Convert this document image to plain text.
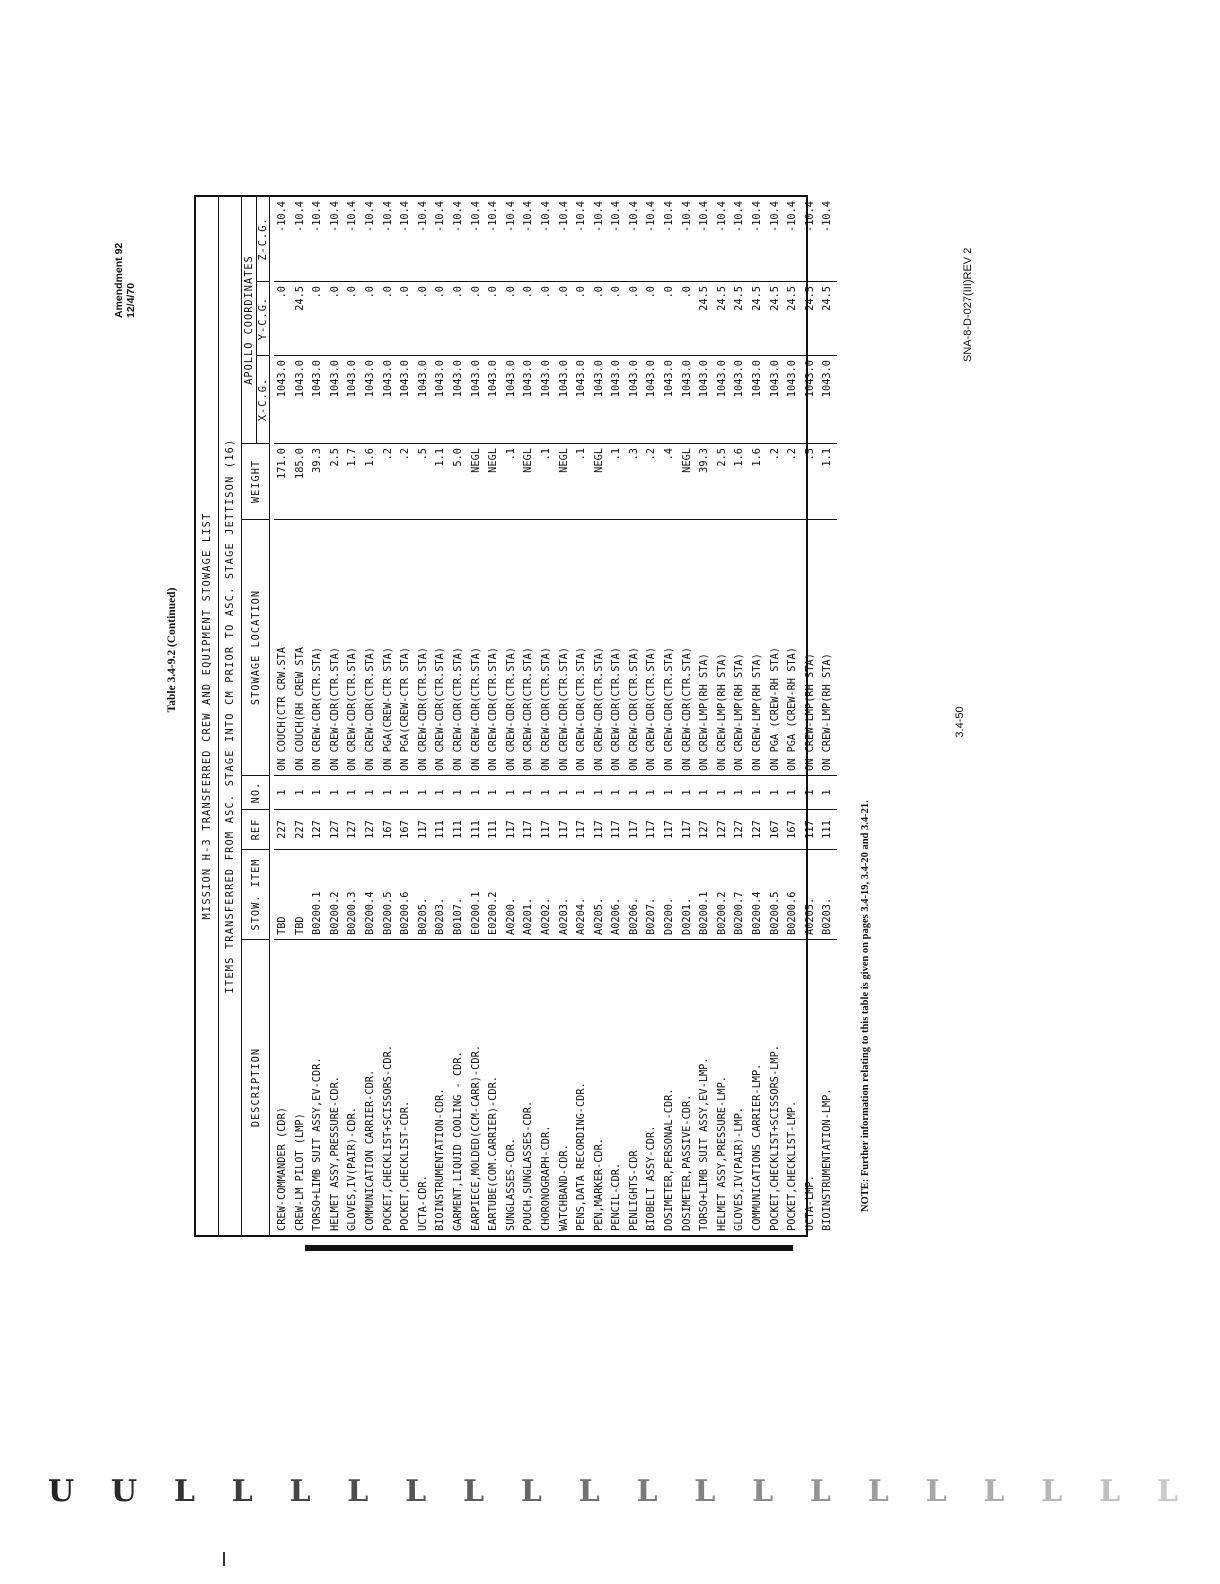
Amendment 92 12/4/70
Table 3.4-9.2 (Continued)	MISSION H-3 TRANSFERRED CREW AND EQUIPMENT STOWAGE LIST	ITEMS TRANSFERRED FROM ASC. STAGE INTO CM PRIOR TO ASC. STAGE JETTISON (16)
DESCRIPTION
STOW. ITEM
REF
NO.
STOWAGE LOCATION
WEIGHT
APOLLO COORDINATES
X-C.G.
Y-C.G.
Z-C.G.
CREW-COMMANDER (CDR)
TBD
227
1
ON COUCH(CTR CRW.STA
171.0
1043.0
.0
-10.4
CREW-LM PILOT (LMP)
TBD
227
1
ON COUCH(RH CREW STA
185.0
1043.0
24.5
-10.4
TORSO+LIMB SUIT ASSY,EV-CDR.
B0200.1
127
1
ON CREW-CDR(CTR.STA)
39.3
1043.0
.0
-10.4
HELMET ASSY,PRESSURE-CDR.
B0200.2
127
1
ON CREW-CDR(CTR.STA)
2.5
1043.0
.0
-10.4
GLOVES,IV(PAIR)-CDR.
B0200.3
127
1
ON CREW-CDR(CTR.STA)
1.7
1043.0
.0
-10.4
COMMUNICATION CARRIER-CDR.
B0200.4
127
1
ON CREW-CDR(CTR.STA)
1.6
1043.0
.0
-10.4
POCKET,CHECKLIST+SCISSORS-CDR.
B0200.5
167
1
ON PGA(CREW-CTR STA)
.2
1043.0
.0
-10.4
POCKET,CHECKLIST-CDR.
B0200.6
167
1
ON PGA(CREW-CTR STA)
.2
1043.0
.0
-10.4
UCTA-CDR.
B0205.
117
1
ON CREW-CDR(CTR.STA)
.5
1043.0
.0
-10.4
BIOINSTRUMENTATION-CDR.
B0203.
111
1
ON CREW-CDR(CTR.STA)
1.1
1043.0
.0
-10.4
GARMENT,LIQUID COOLING - CDR.
B0107.
111
1
ON CREW-CDR(CTR.STA)
5.0
1043.0
.0
-10.4
EARPIECE,MOLDED(CCM-CARR)-CDR.
E0200.1
111
1
ON CREW-CDR(CTR.STA)
NEGL
1043.0
.0
-10.4
EARTUBE(COM.CARRIER)-CDR.
E0200.2
111
1
ON CREW-CDR(CTR.STA)
NEGL
1043.0
.0
-10.4
SUNGLASSES-CDR.
A0200.
117
1
ON CREW-CDR(CTR.STA)
.1
1043.0
.0
-10.4
POUCH,SUNGLASSES-CDR.
A0201.
117
1
ON CREW-CDR(CTR.STA)
NEGL
1043.0
.0
-10.4
CHORONOGRAPH-CDR.
A0202.
117
1
ON CREW-CDR(CTR.STA)
.1
1043.0
.0
-10.4
WATCHBAND-CDR.
A0203.
117
1
ON CREW-CDR(CTR.STA)
NEGL
1043.0
.0
-10.4
PENS,DATA RECORDING-CDR.
A0204.
117
1
ON CREW-CDR(CTR.STA)
.1
1043.0
.0
-10.4
PEN,MARKER-CDR.
A0205.
117
1
ON CREW-CDR(CTR.STA)
NEGL
1043.0
.0
-10.4
PENCIL-CDR.
A0206.
117
1
ON CREW-CDR(CTR.STA)
.1
1043.0
.0
-10.4
PENLIGHTS-CDR
B0206.
117
1
ON CREW-CDR(CTR.STA)
.3
1043.0
.0
-10.4
BIOBELT ASSY-CDR.
B0207.
117
1
ON CREW-CDR(CTR.STA)
.2
1043.0
.0
-10.4
DOSIMETER,PERSONAL-CDR.
D0200.
117
1
ON CREW-CDR(CTR.STA)
.4
1043.0
.0
-10.4
DOSIMETER,PASSIVE-CDR.
D0201.
117
1
ON CREW-CDR(CTR.STA)
NEGL
1043.0
.0
-10.4
TORSO+LIMB SUIT ASSY,EV-LMP.
B0200.1
127
1
ON CREW-LMP(RH STA)
39.3
1043.0
24.5
-10.4
HELMET ASSY,PRESSURE-LMP.
B0200.2
127
1
ON CREW-LMP(RH STA)
2.5
1043.0
24.5
-10.4
GLOVES,IV(PAIR)-LMP.
B0200.7
127
1
ON CREW-LMP(RH STA)
1.6
1043.0
24.5
-10.4
COMMUNICATIONS CARRIER-LMP.
B0200.4
127
1
ON CREW-LMP(RH STA)
1.6
1043.0
24.5
-10.4
POCKET,CHECKLIST+SCISSORS-LMP.
B0200.5
167
1
ON PGA (CREW-RH STA)
.2
1043.0
24.5
-10.4
POCKET,CHECKLIST-LMP.
B0200.6
167
1
ON PGA (CREW-RH STA)
.2
1043.0
24.5
-10.4
UCTA-LMP.
A0205.
117
1
ON CREW-LMP(RH STA)
.5
1043.0
24.5
-10.4
BIOINSTRUMENTATION-LMP.
B0203.
111
1
ON CREW-LMP(RH STA)
1.1
1043.0
24.5
-10.4
NOTE: Further information relating to this table is given on pages 3.4-19, 3.4-20 and 3.4-21.
3.4-50
SNA-8-D-027(III)REV 2
U U L L L L L L L L L L L L L L L L L L
